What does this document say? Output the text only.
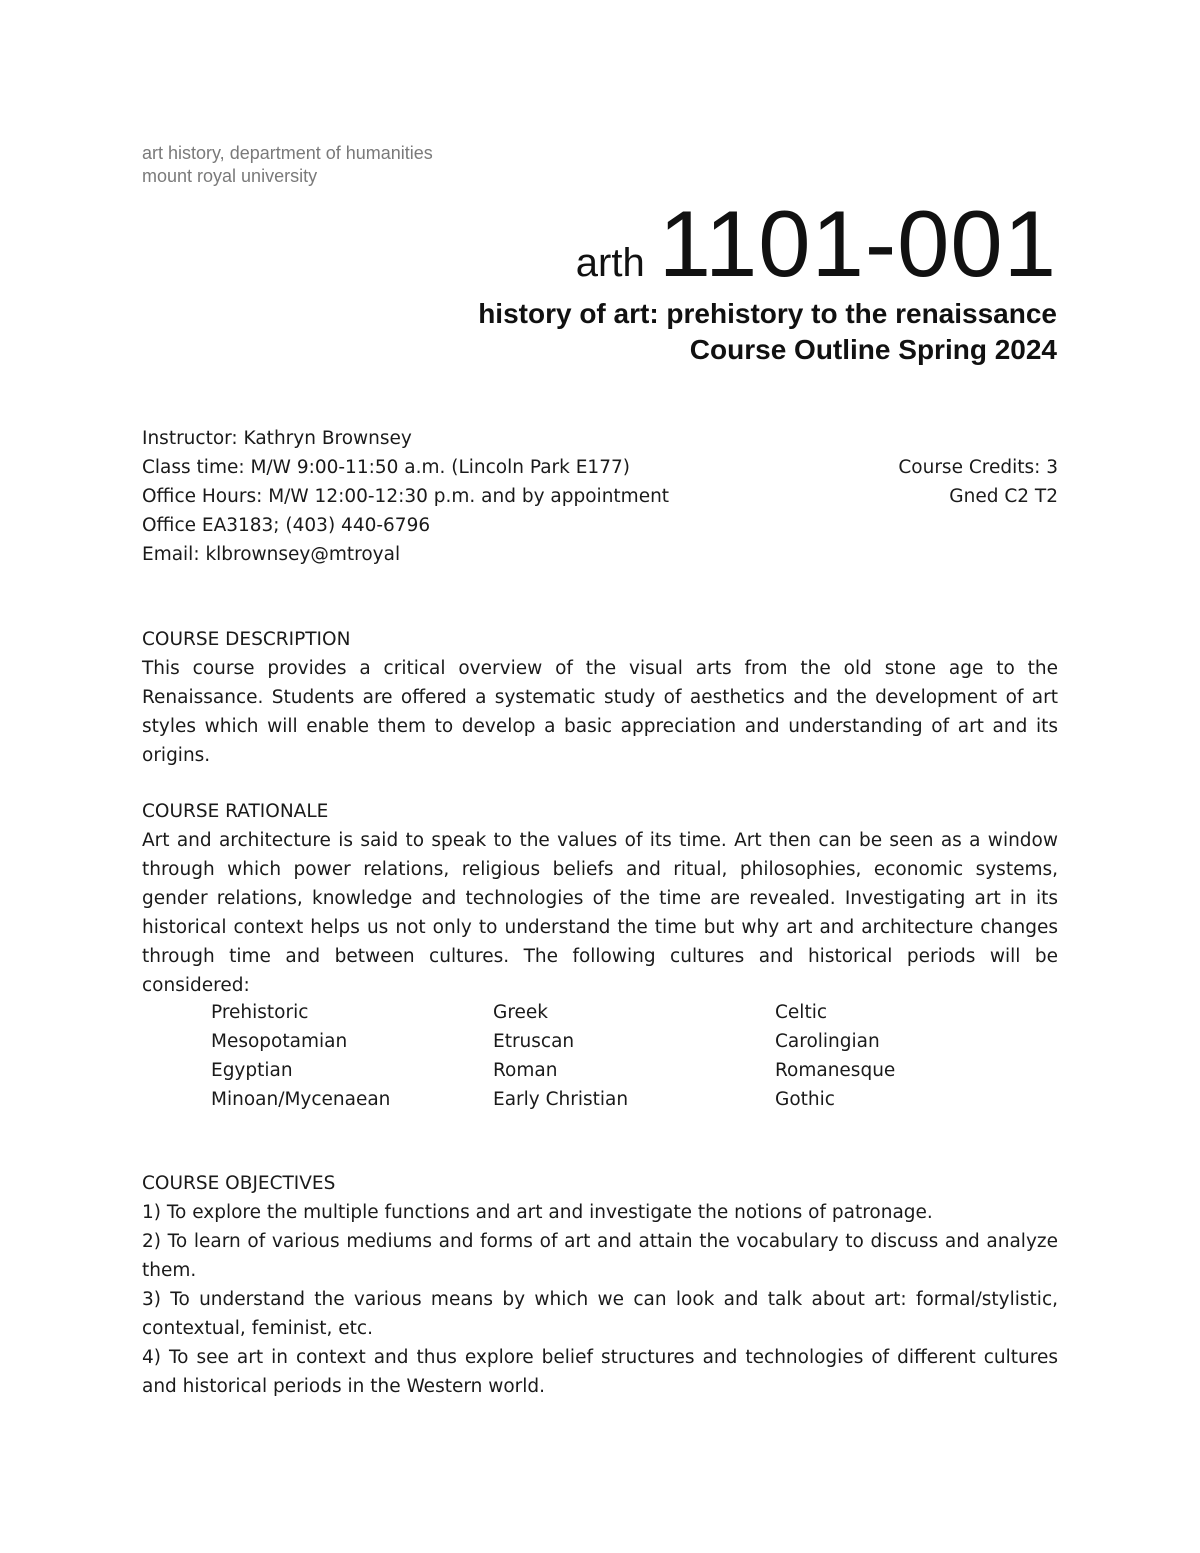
art history, department of humanities
mount royal university
arth 1101-001
history of art: prehistory to the renaissance
Course Outline Spring 2024
Instructor: Kathryn Brownsey
Class time: M/W 9:00-11:50 a.m. (Lincoln Park E177)	Course Credits: 3
Office Hours: M/W 12:00-12:30 p.m. and by appointment	Gned C2 T2
Office EA3183; (403) 440-6796
Email: klbrownsey@mtroyal
COURSE DESCRIPTION

This course provides a critical overview of the visual arts from the old stone age to the Renaissance. Students are offered a systematic study of aesthetics and the development of art styles which will enable them to develop a basic appreciation and understanding of art and its origins.

COURSE RATIONALE

Art and architecture is said to speak to the values of its time. Art then can be seen as a window through which power relations, religious beliefs and ritual, philosophies, economic systems, gender relations, knowledge and technologies of the time are revealed. Investigating art in its historical context helps us not only to understand the time but why art and architecture changes through time and between cultures. The following cultures and historical periods will be considered:

Prehistoric	Greek	Celtic
Mesopotamian	Etruscan	Carolingian
Egyptian	Roman	Romanesque
Minoan/Mycenaean	Early Christian	Gothic
COURSE OBJECTIVES

1) To explore the multiple functions and art and investigate the notions of patronage.

2) To learn of various mediums and forms of art and attain the vocabulary to discuss and analyze them.

3) To understand the various means by which we can look and talk about art: formal/stylistic, contextual, feminist, etc.

4) To see art in context and thus explore belief structures and technologies of different cultures and historical periods in the Western world.
